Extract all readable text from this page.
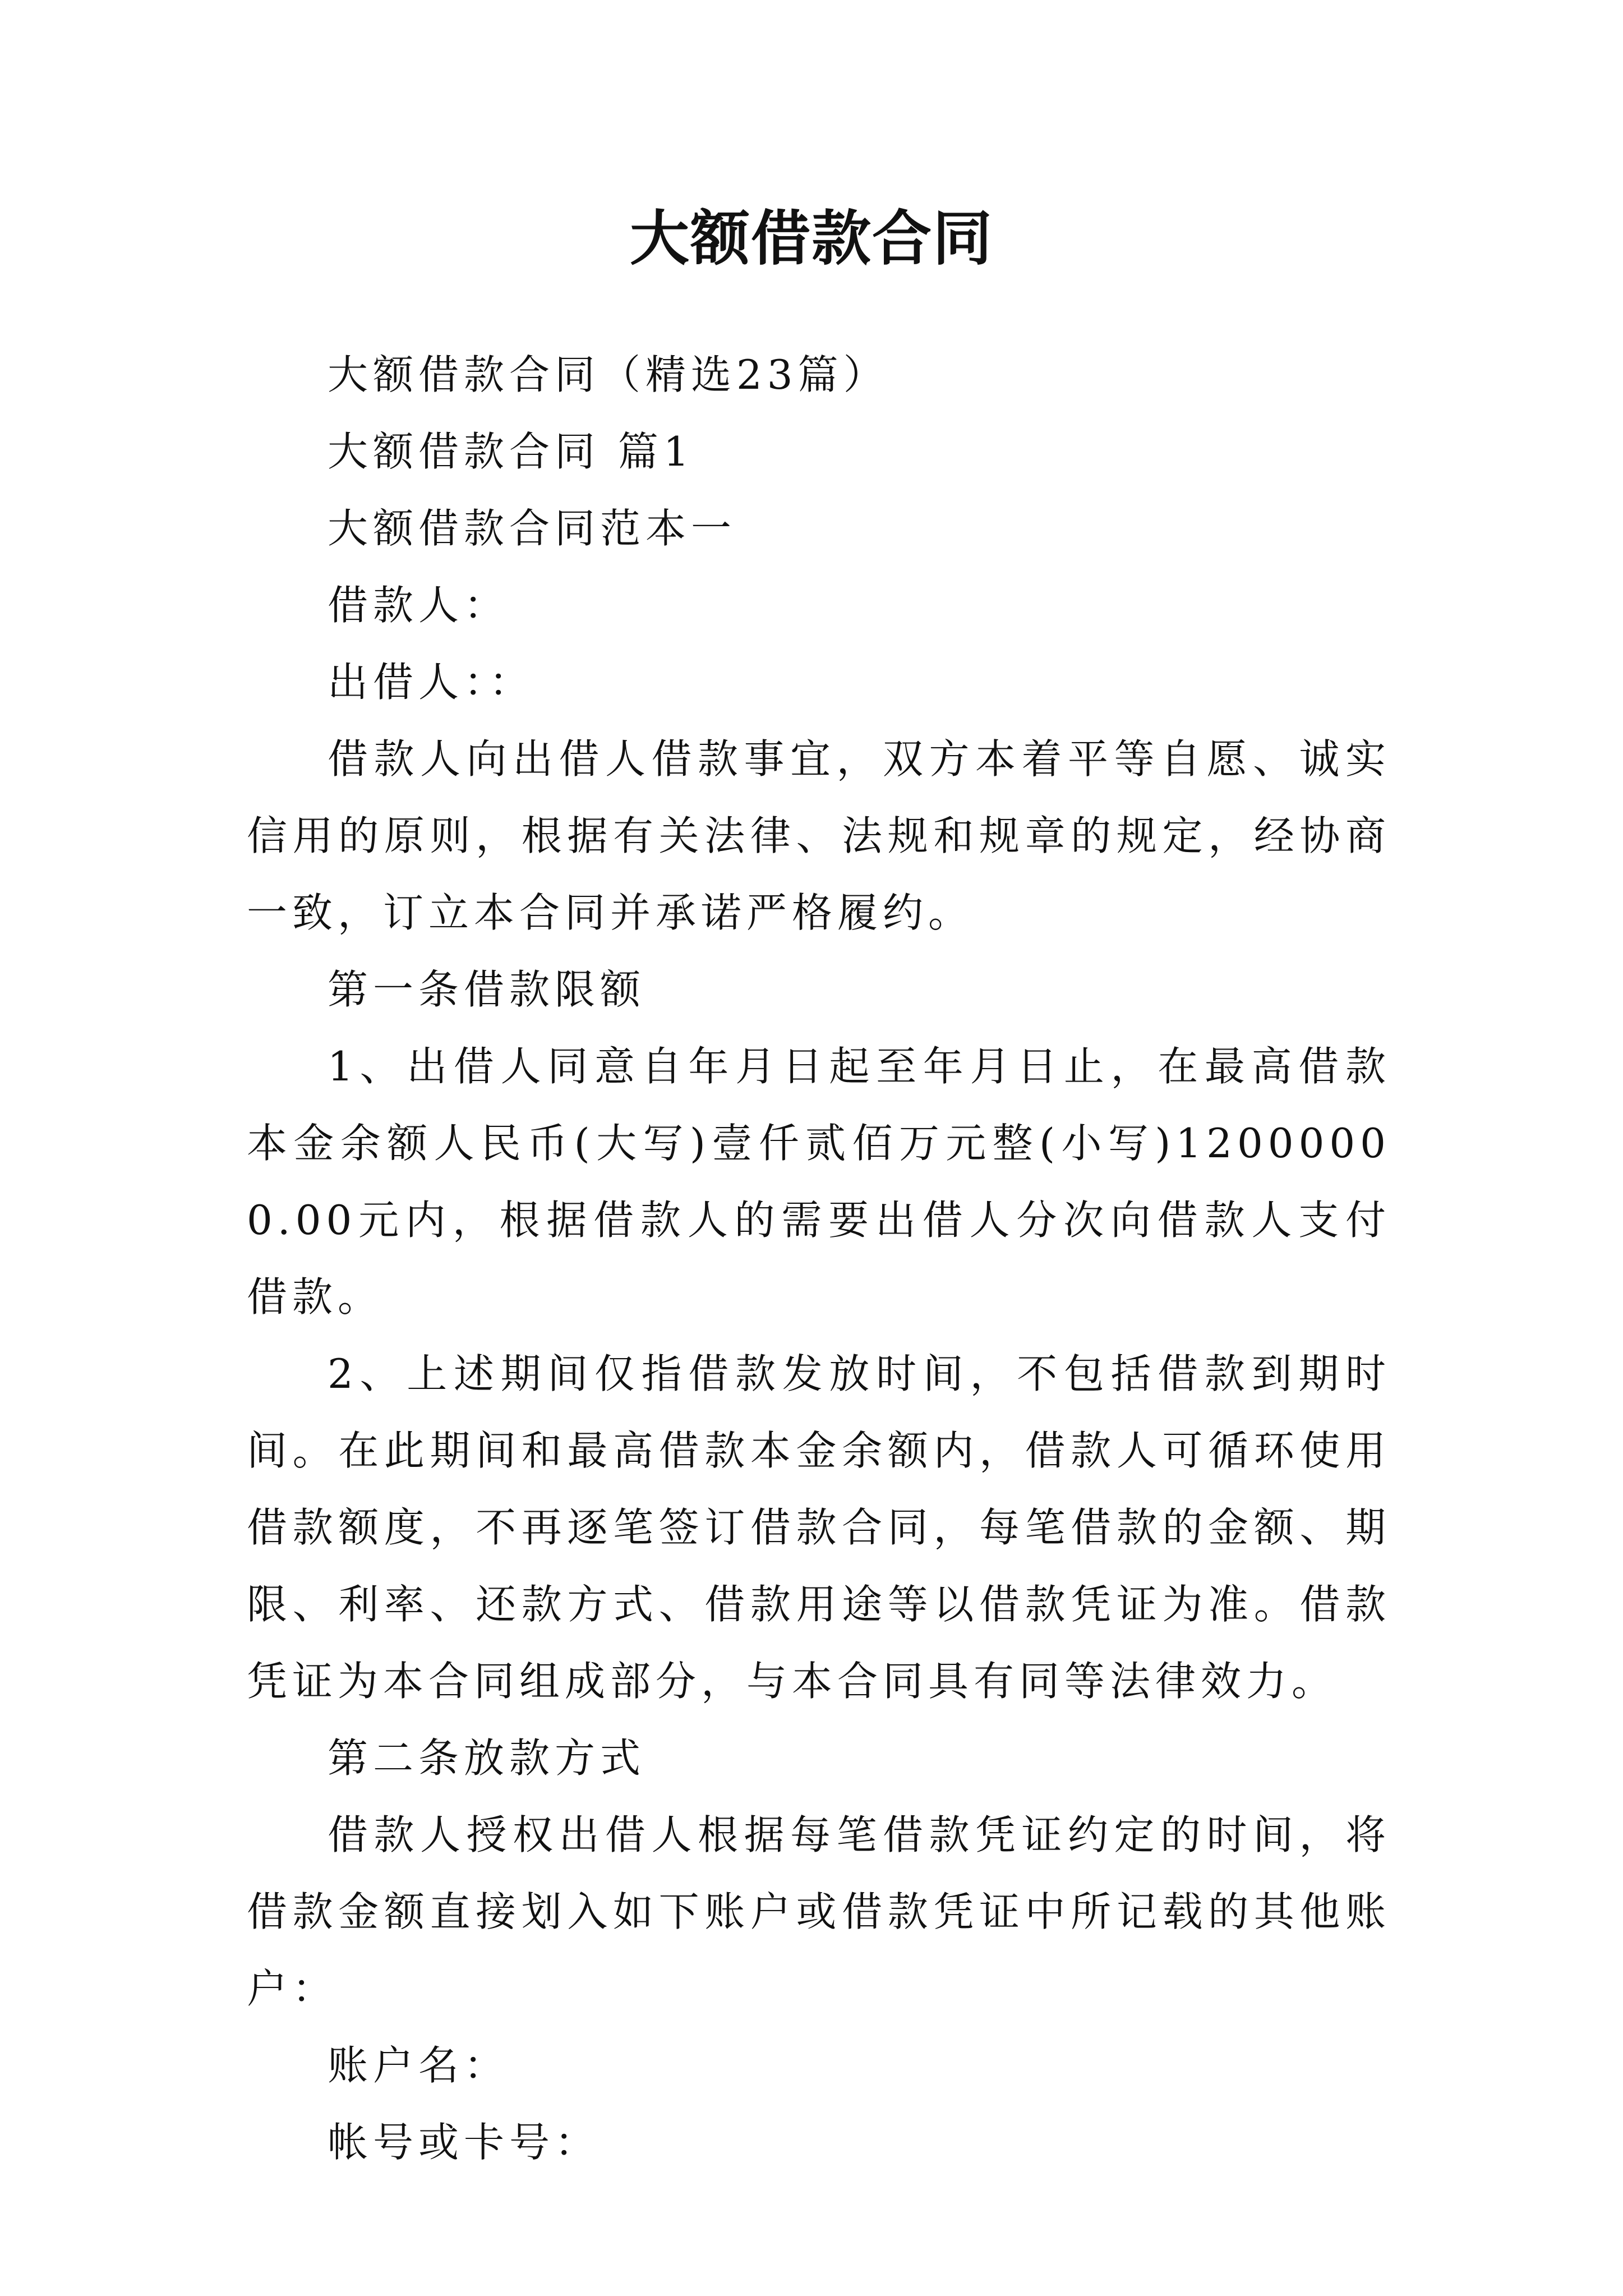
大额借款合同

大额借款合同（精选23篇）

大额借款合同 篇1

大额借款合同范本一

借款人：

出借人：：

借款人向出借人借款事宜，双方本着平等自愿、诚实信用的原则，根据有关法律、法规和规章的规定，经协商一致，订立本合同并承诺严格履约。

第一条借款限额

1、出借人同意自年月日起至年月日止，在最高借款本金余额人民币(大写)壹仟贰佰万元整(小写)12000000.00元内，根据借款人的需要出借人分次向借款人支付借款。

2、上述期间仅指借款发放时间，不包括借款到期时间。在此期间和最高借款本金余额内，借款人可循环使用借款额度，不再逐笔签订借款合同，每笔借款的金额、期限、利率、还款方式、借款用途等以借款凭证为准。借款凭证为本合同组成部分，与本合同具有同等法律效力。

第二条放款方式

借款人授权出借人根据每笔借款凭证约定的时间，将借款金额直接划入如下账户或借款凭证中所记载的其他账户：

账户名：

帐号或卡号：
